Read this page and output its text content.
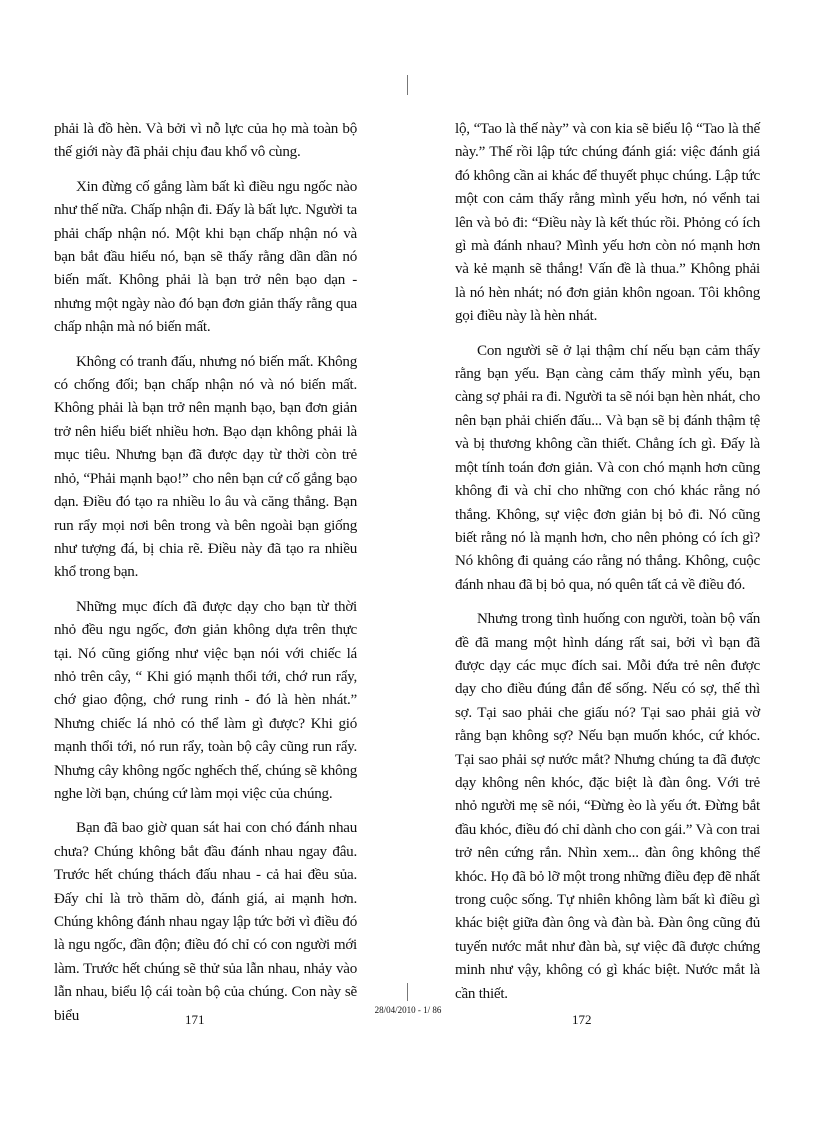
phải là đồ hèn. Và bởi vì nỗ lực của họ mà toàn bộ thế giới này đã phải chịu đau khổ vô cùng.

Xin đừng cố gắng làm bất kì điều ngu ngốc nào như thế nữa. Chấp nhận đi. Đấy là bất lực. Người ta phải chấp nhận nó. Một khi bạn chấp nhận nó và bạn bắt đầu hiểu nó, bạn sẽ thấy rằng dần dần nó biến mất. Không phải là bạn trở nên bạo dạn - nhưng một ngày nào đó bạn đơn giản thấy rằng qua chấp nhận mà nó biến mất.

Không có tranh đấu, nhưng nó biến mất. Không có chống đối; bạn chấp nhận nó và nó biến mất. Không phải là bạn trở nên mạnh bạo, bạn đơn giản trở nên hiểu biết nhiều hơn. Bạo dạn không phải là mục tiêu. Nhưng bạn đã được dạy từ thời còn trẻ nhỏ, “Phải mạnh bạo!” cho nên bạn cứ cố gắng bạo dạn. Điều đó tạo ra nhiều lo âu và căng thẳng. Bạn run rẩy mọi nơi bên trong và bên ngoài bạn giống như tượng đá, bị chia rẽ. Điều này đã tạo ra nhiều khổ trong bạn.

Những mục đích đã được dạy cho bạn từ thời nhỏ đều ngu ngốc, đơn giản không dựa trên thực tại. Nó cũng giống như việc bạn nói với chiếc lá nhỏ trên cây, “ Khi gió mạnh thổi tới, chớ run rẩy, chớ giao động, chớ rung rinh - đó là hèn nhát.” Nhưng chiếc lá nhỏ có thể làm gì được? Khi gió mạnh thổi tới, nó run rẩy, toàn bộ cây cũng run rẩy. Nhưng cây không ngốc nghếch thế, chúng sẽ không nghe lời bạn, chúng cứ làm mọi việc của chúng.

Bạn đã bao giờ quan sát hai con chó đánh nhau chưa? Chúng không bắt đầu đánh nhau ngay đâu. Trước hết chúng thách đấu nhau - cả hai đều sủa. Đấy chỉ là trò thăm dò, đánh giá, ai mạnh hơn. Chúng không đánh nhau ngay lập tức bởi vì điều đó là ngu ngốc, đần độn; điều đó chỉ có con người mới làm. Trước hết chúng sẽ thử sủa lẫn nhau, nhảy vào lẫn nhau, biểu lộ cái toàn bộ của chúng. Con này sẽ biểu

lộ, “Tao là thế này” và con kia sẽ biểu lộ “Tao là thế này.” Thế rồi lập tức chúng đánh giá: việc đánh giá đó không cần ai khác để thuyết phục chúng. Lập tức một con cảm thấy rằng mình yếu hơn, nó vểnh tai lên và bỏ đi: “Điều này là kết thúc rồi. Phỏng có ích gì mà đánh nhau? Mình yếu hơn còn nó mạnh hơn và kẻ mạnh sẽ thắng! Vấn đề là thua.” Không phải là nó hèn nhát; nó đơn giản khôn ngoan. Tôi không gọi điều này là hèn nhát.

Con người sẽ ở lại thậm chí nếu bạn cảm thấy rằng bạn yếu. Bạn càng cảm thấy mình yếu, bạn càng sợ phải ra đi. Người ta sẽ nói bạn hèn nhát, cho nên bạn phải chiến đấu... Và bạn sẽ bị đánh thậm tệ và bị thương không cần thiết. Chẳng ích gì. Đấy là một tính toán đơn giản. Và con chó mạnh hơn cũng không đi và chỉ cho những con chó khác rằng nó thắng. Không, sự việc đơn giản bị bỏ đi. Nó cũng biết rằng nó là mạnh hơn, cho nên phỏng có ích gì? Nó không đi quảng cáo rằng nó thắng. Không, cuộc đánh nhau đã bị bỏ qua, nó quên tất cả về điều đó.

Nhưng trong tình huống con người, toàn bộ vấn đề đã mang một hình dáng rất sai, bởi vì bạn đã được dạy các mục đích sai. Mỗi đứa trẻ nên được dạy cho điều đúng đắn để sống. Nếu có sợ, thế thì sợ. Tại sao phải che giấu nó? Tại sao phải giả vờ rằng bạn không sợ? Nếu bạn muốn khóc, cứ khóc. Tại sao phải sợ nước mắt? Nhưng chúng ta đã được dạy không nên khóc, đặc biệt là đàn ông. Với trẻ nhỏ người mẹ sẽ nói, “Đừng èo là yếu ớt. Đừng bắt đầu khóc, điều đó chỉ dành cho con gái.” Và con trai trở nên cứng rắn. Nhìn xem... đàn ông không thể khóc. Họ đã bỏ lỡ một trong những điều đẹp đẽ nhất trong cuộc sống. Tự nhiên không làm bất kì điều gì khác biệt giữa đàn ông và đàn bà. Đàn ông cũng đủ tuyến nước mắt như đàn bà, sự việc đã được chứng minh như vậy, không có gì khác biệt. Nước mắt là cần thiết.

171
28/04/2010 - 1/ 86
172
